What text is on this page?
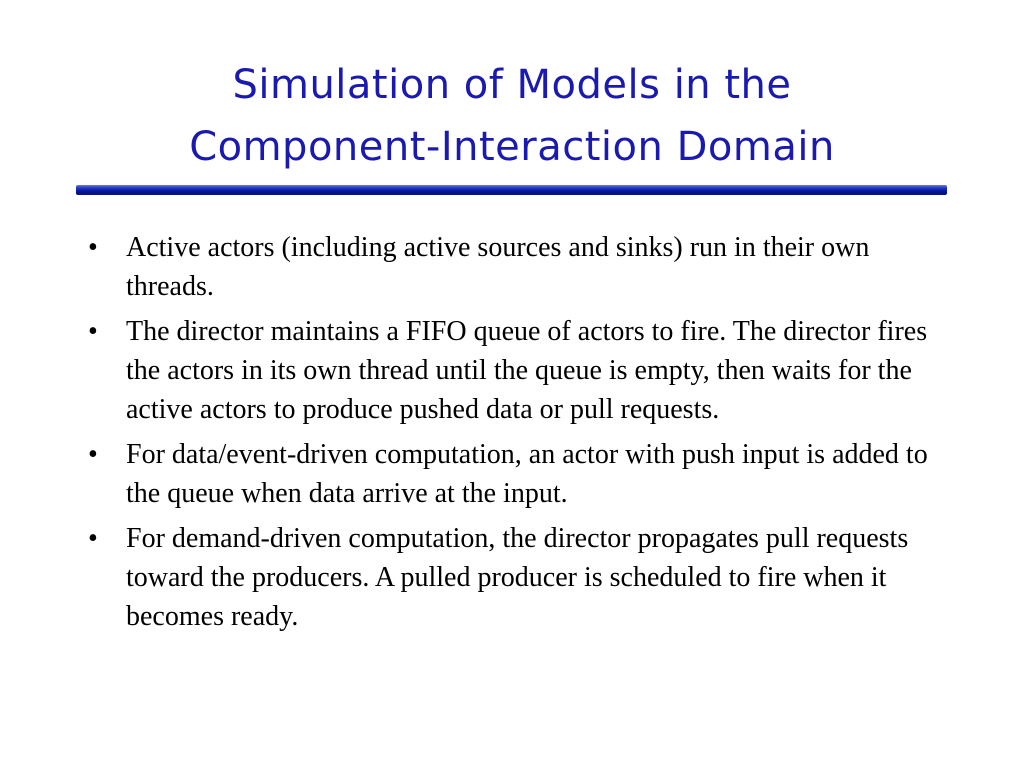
Simulation of Models in the
Component-Interaction Domain
• Active actors (including active sources and sinks) run in their own threads.
• The director maintains a FIFO queue of actors to fire. The director fires the actors in its own thread until the queue is empty, then waits for the active actors to produce pushed data or pull requests.
• For data/event-driven computation, an actor with push input is added to the queue when data arrive at the input.
• For demand-driven computation, the director propagates pull requests toward the producers. A pulled producer is scheduled to fire when it becomes ready.
